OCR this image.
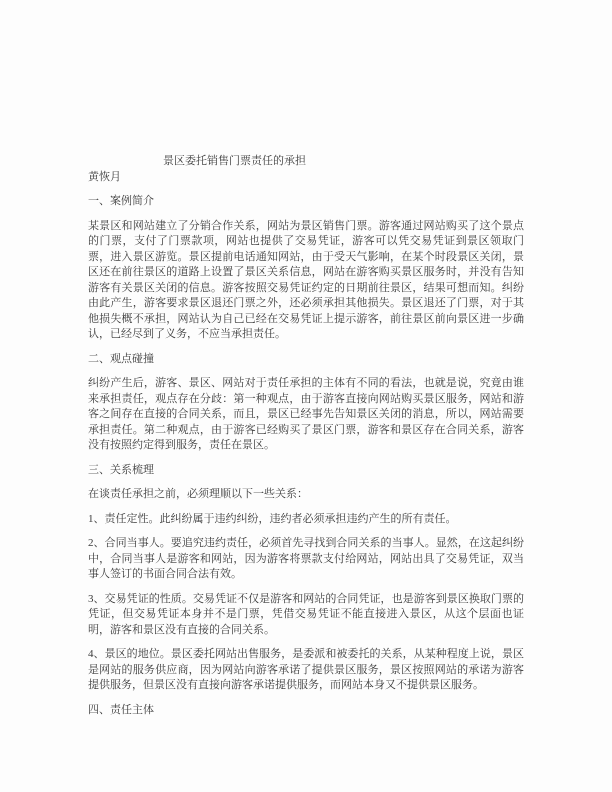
景区委托销售门票责任的承担
黄恢月
一、案例简介

某景区和网站建立了分销合作关系，网站为景区销售门票。游客通过网站购买了这个景点的门票，支付了门票款项，网站也提供了交易凭证，游客可以凭交易凭证到景区领取门票，进入景区游览。景区提前电话通知网站，由于受天气影响，在某个时段景区关闭，景区还在前往景区的道路上设置了景区关系信息，网站在游客购买景区服务时，并没有告知游客有关景区关闭的信息。游客按照交易凭证约定的日期前往景区，结果可想而知。纠纷由此产生，游客要求景区退还门票之外，还必须承担其他损失。景区退还了门票，对于其他损失概不承担，网站认为自己已经在交易凭证上提示游客，前往景区前向景区进一步确认，已经尽到了义务，不应当承担责任。

二、观点碰撞

纠纷产生后，游客、景区、网站对于责任承担的主体有不同的看法，也就是说，究竟由谁来承担责任，观点存在分歧：第一种观点，由于游客直接向网站购买景区服务，网站和游客之间存在直接的合同关系，而且，景区已经事先告知景区关闭的消息，所以，网站需要承担责任。第二种观点，由于游客已经购买了景区门票，游客和景区存在合同关系，游客没有按照约定得到服务，责任在景区。

三、关系梳理

在谈责任承担之前，必须理顺以下一些关系：

1、责任定性。此纠纷属于违约纠纷，违约者必须承担违约产生的所有责任。

2、合同当事人。要追究违约责任，必须首先寻找到合同关系的当事人。显然，在这起纠纷中，合同当事人是游客和网站，因为游客将票款支付给网站，网站出具了交易凭证，双当事人签订的书面合同合法有效。

3、交易凭证的性质。交易凭证不仅是游客和网站的合同凭证，也是游客到景区换取门票的凭证，但交易凭证本身并不是门票，凭借交易凭证不能直接进入景区，从这个层面也证明，游客和景区没有直接的合同关系。

4、景区的地位。景区委托网站出售服务，是委派和被委托的关系，从某种程度上说，景区是网站的服务供应商，因为网站向游客承诺了提供景区服务，景区按照网站的承诺为游客提供服务，但景区没有直接向游客承诺提供服务，而网站本身又不提供景区服务。

四、责任主体
